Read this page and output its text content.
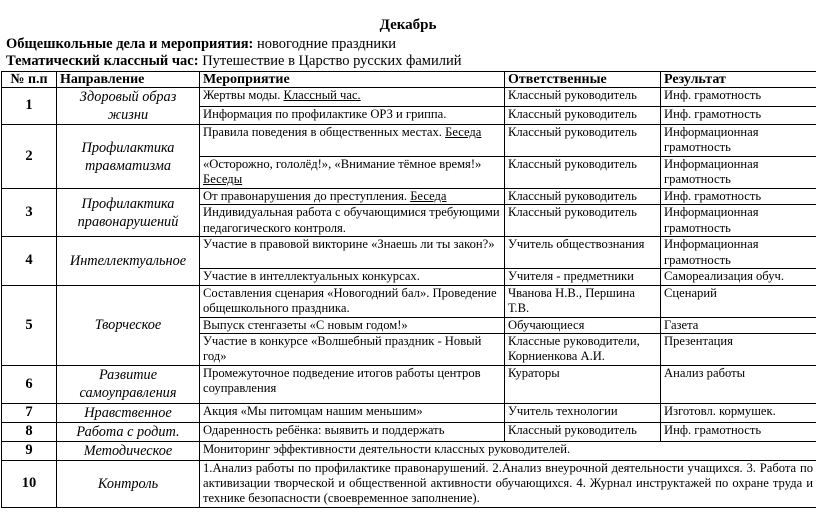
Декабрь
Общешкольные дела и мероприятия: новогодние праздники
Тематический классный час: Путешествие в Царство русских фамилий
№ п.п	Направление	Мероприятие	Ответственные	Результат
1	Здоровый образ жизни	Жертвы моды. Классный час.	Классный руководитель	Инф. грамотность
		Информация по профилактике ОРЗ и гриппа.	Классный руководитель	Инф. грамотность
2	Профилактика травматизма	Правила поведения в общественных местах. Беседа	Классный руководитель	Информационная грамотность
		«Осторожно, гололёд!», «Внимание тёмное время!» Беседы	Классный руководитель	Информационная грамотность
3	Профилактика правонарушений	От правонарушения до преступления. Беседа	Классный руководитель	Инф. грамотность
		Индивидуальная работа с обучающимися требующими педагогического контроля.	Классный руководитель	Информационная грамотность
4	Интеллектуальное	Участие в правовой викторине «Знаешь ли ты закон?»	Учитель обществознания	Информационная грамотность
		Участие в интеллектуальных конкурсах.	Учителя - предметники	Самореализация обуч.
5	Творческое	Составления сценария «Новогодний бал». Проведение общешкольного праздника.	Чванова Н.В., Першина Т.В.	Сценарий
		Выпуск стенгазеты «С новым годом!»	Обучающиеся	Газета
		Участие в конкурсе «Волшебный праздник - Новый год»	Классные руководители, Корниенкова А.И.	Презентация
6	Развитие самоуправления	Промежуточное подведение итогов работы центров соуправления	Кураторы	Анализ работы
7	Нравственное	Акция «Мы питомцам нашим меньшим»	Учитель технологии	Изготовл. кормушек.
8	Работа с родит.	Одаренность ребёнка: выявить и поддержать	Классный руководитель	Инф. грамотность
9	Методическое	Мониторинг эффективности деятельности классных руководителей.		
10	Контроль	1.Анализ работы по профилактике правонарушений. 2.Анализ внеурочной деятельности учащихся. 3. Работа по активизации творческой и общественной активности обучающихся. 4. Журнал инструктажей по охране труда и технике безопасности (своевременное заполнение).		
